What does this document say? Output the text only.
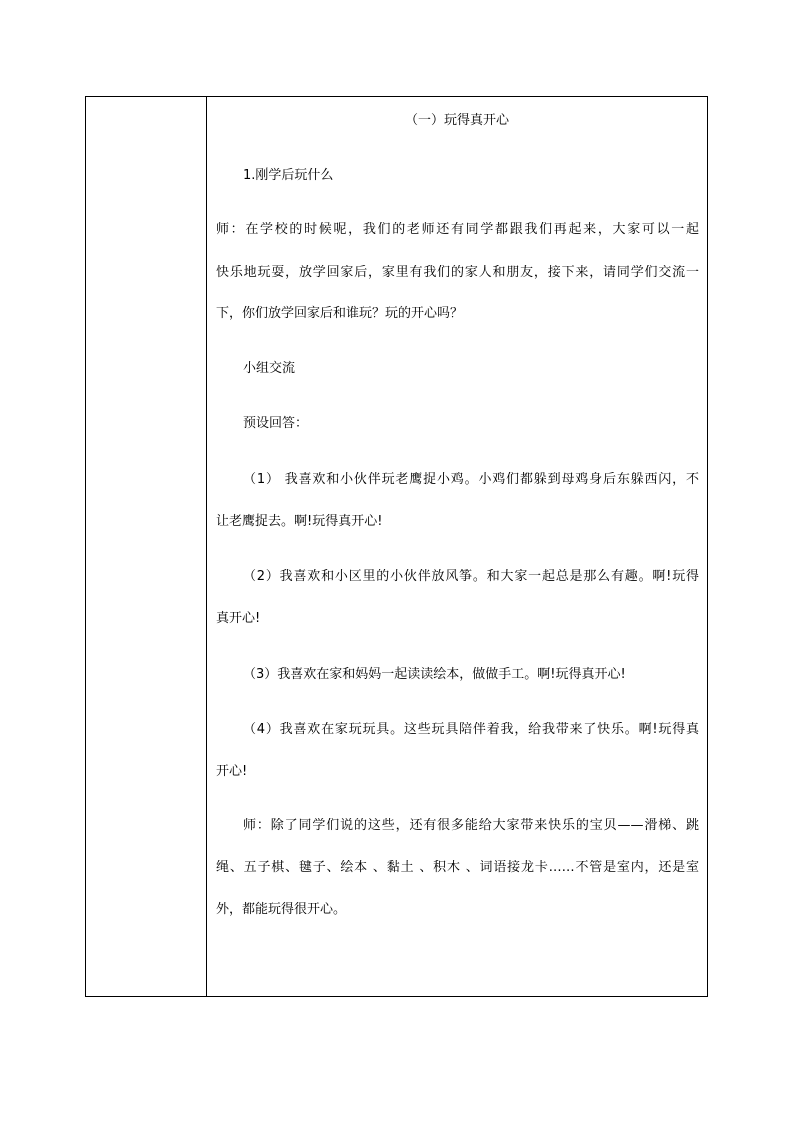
（一）玩得真开心

1.刚学后玩什么

师：在学校的时候呢，我们的老师还有同学都跟我们再起来，大家可以一起

快乐地玩耍，放学回家后，家里有我们的家人和朋友，接下来，请同学们交流一

下，你们放学回家后和谁玩？玩的开心吗？

小组交流

预设回答：

（1） 我喜欢和小伙伴玩老鹰捉小鸡。小鸡们都躲到母鸡身后东躲西闪，不

让老鹰捉去。啊!玩得真开心!

（2）我喜欢和小区里的小伙伴放风筝。和大家一起总是那么有趣。啊!玩得

真开心!

（3）我喜欢在家和妈妈一起读读绘本，做做手工。啊!玩得真开心!

（4）我喜欢在家玩玩具。这些玩具陪伴着我，给我带来了快乐。啊!玩得真

开心!

师：除了同学们说的这些，还有很多能给大家带来快乐的宝贝——滑梯、跳

绳、五子棋、毽子、绘本 、黏土 、积木 、词语接龙卡……不管是室内，还是室

外，都能玩得很开心。
